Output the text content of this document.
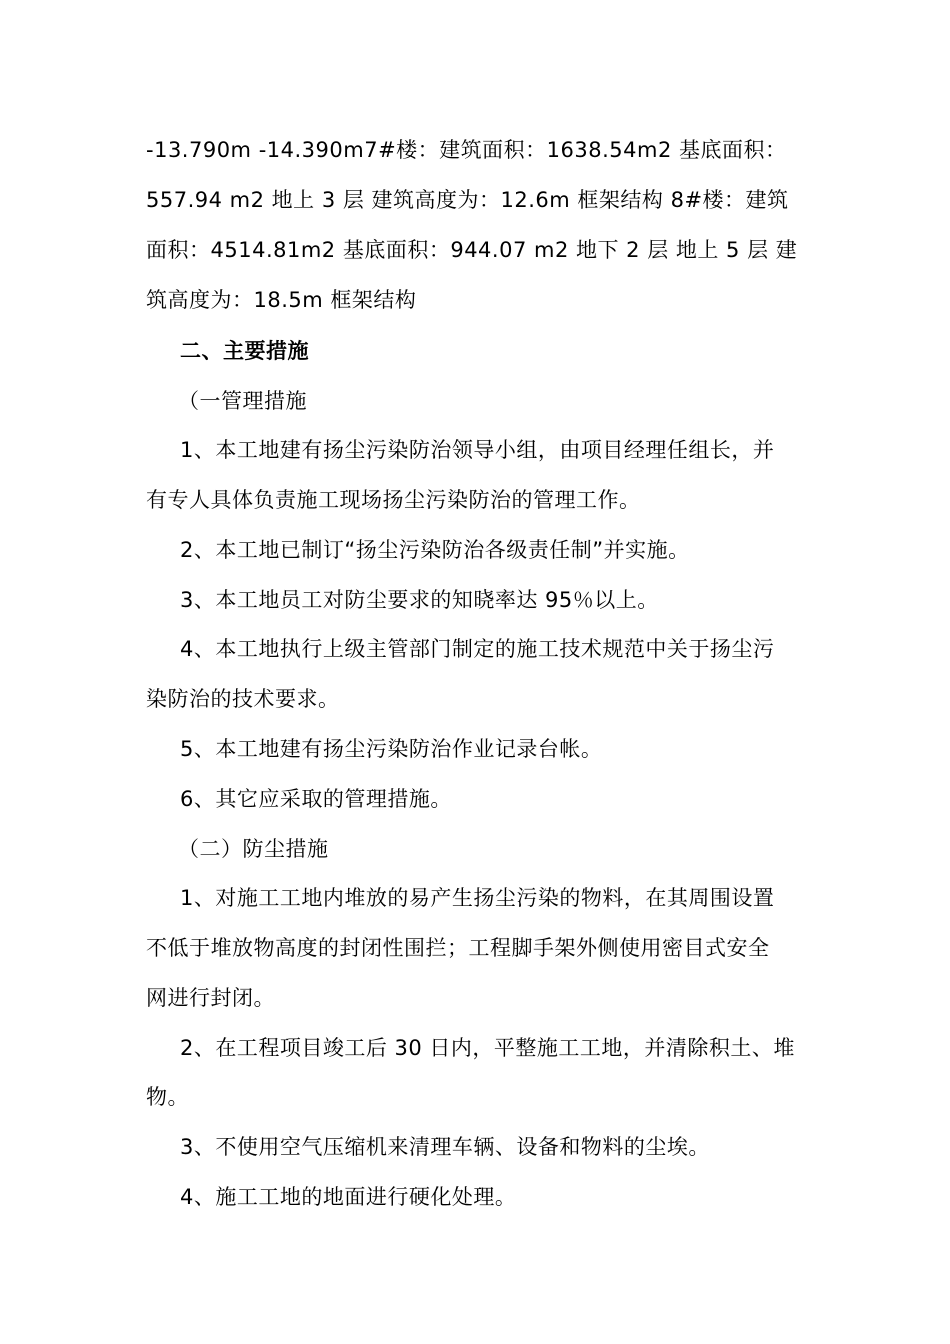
-13.790m -14.390m7#楼：建筑面积：1638.54m2 基底面积：
557.94 m2 地上 3 层 建筑高度为：12.6m 框架结构 8#楼：建筑
面积：4514.81m2 基底面积：944.07 m2 地下 2 层 地上 5 层 建
筑高度为：18.5m 框架结构
二、主要措施
（一管理措施
1、本工地建有扬尘污染防治领导小组，由项目经理任组长，并
有专人具体负责施工现场扬尘污染防治的管理工作。
2、本工地已制订“扬尘污染防治各级责任制”并实施。
3、本工地员工对防尘要求的知晓率达 95％以上。
4、本工地执行上级主管部门制定的施工技术规范中关于扬尘污
染防治的技术要求。
5、本工地建有扬尘污染防治作业记录台帐。
6、其它应采取的管理措施。
（二）防尘措施
1、对施工工地内堆放的易产生扬尘污染的物料，在其周围设置
不低于堆放物高度的封闭性围拦；工程脚手架外侧使用密目式安全
网进行封闭。
2、在工程项目竣工后 30 日内，平整施工工地，并清除积土、堆
物。
3、不使用空气压缩机来清理车辆、设备和物料的尘埃。
4、施工工地的地面进行硬化处理。
